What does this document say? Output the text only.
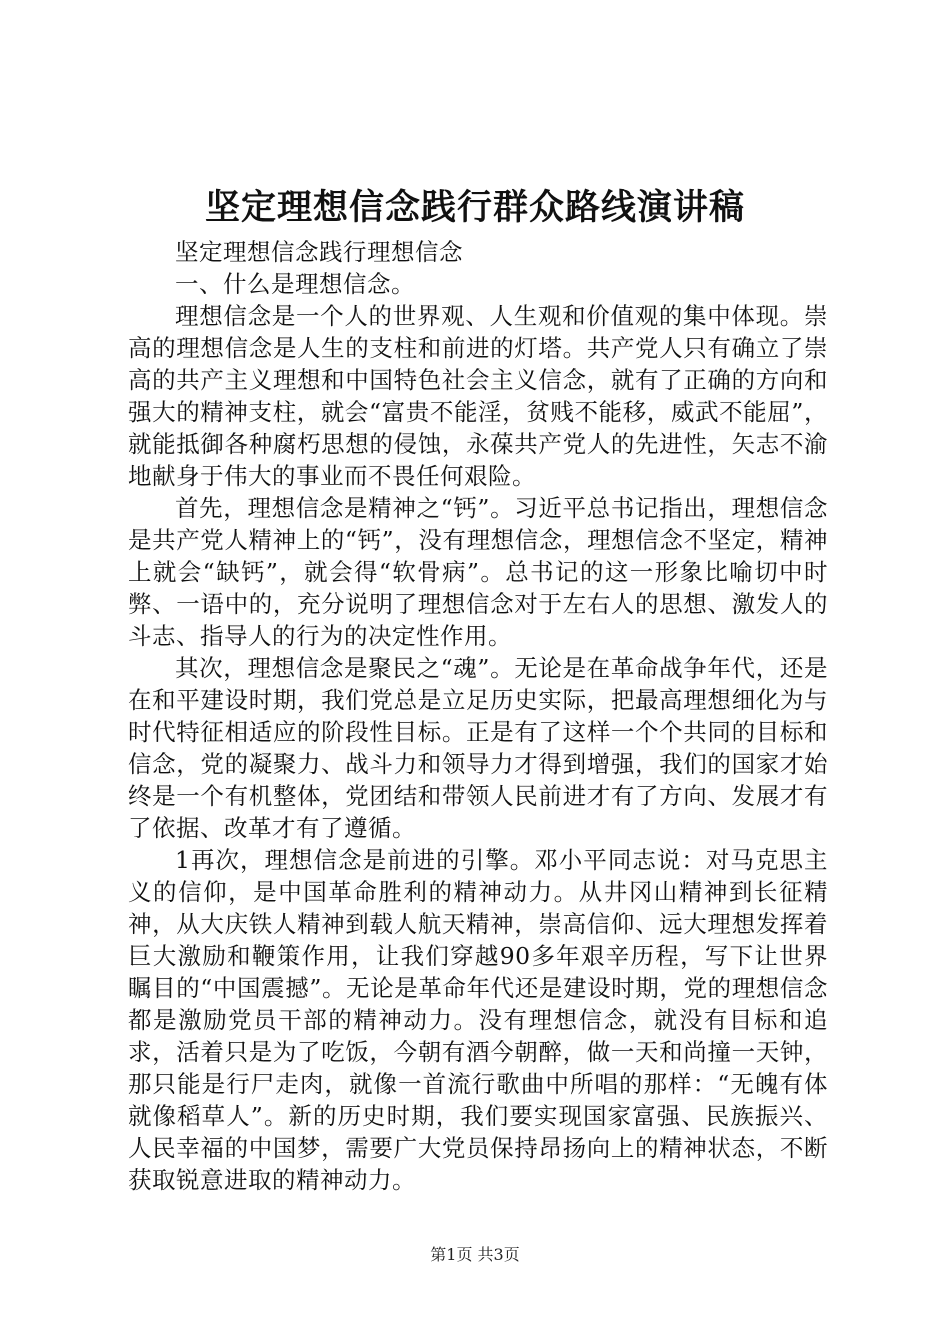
坚定理想信念践行群众路线演讲稿

坚定理想信念践行理想信念

一、什么是理想信念。

理想信念是一个人的世界观、人生观和价值观的集中体现。崇高的理想信念是人生的支柱和前进的灯塔。共产党人只有确立了崇高的共产主义理想和中国特色社会主义信念，就有了正确的方向和强大的精神支柱，就会“富贵不能淫，贫贱不能移，威武不能屈”，就能抵御各种腐朽思想的侵蚀，永葆共产党人的先进性，矢志不渝地献身于伟大的事业而不畏任何艰险。

首先，理想信念是精神之“钙”。习近平总书记指出，理想信念是共产党人精神上的“钙”，没有理想信念，理想信念不坚定，精神上就会“缺钙”，就会得“软骨病”。总书记的这一形象比喻切中时弊、一语中的，充分说明了理想信念对于左右人的思想、激发人的斗志、指导人的行为的决定性作用。

其次，理想信念是聚民之“魂”。无论是在革命战争年代，还是在和平建设时期，我们党总是立足历史实际，把最高理想细化为与时代特征相适应的阶段性目标。正是有了这样一个个共同的目标和信念，党的凝聚力、战斗力和领导力才得到增强，我们的国家才始终是一个有机整体，党团结和带领人民前进才有了方向、发展才有了依据、改革才有了遵循。

1再次，理想信念是前进的引擎。邓小平同志说：对马克思主义的信仰，是中国革命胜利的精神动力。从井冈山精神到长征精神，从大庆铁人精神到载人航天精神，崇高信仰、远大理想发挥着巨大激励和鞭策作用，让我们穿越90多年艰辛历程，写下让世界瞩目的“中国震撼”。无论是革命年代还是建设时期，党的理想信念都是激励党员干部的精神动力。没有理想信念，就没有目标和追求，活着只是为了吃饭，今朝有酒今朝醉，做一天和尚撞一天钟，那只能是行尸走肉，就像一首流行歌曲中所唱的那样：“无魄有体就像稻草人”。新的历史时期，我们要实现国家富强、民族振兴、人民幸福的中国梦，需要广大党员保持昂扬向上的精神状态，不断获取锐意进取的精神动力。

第1页 共3页
